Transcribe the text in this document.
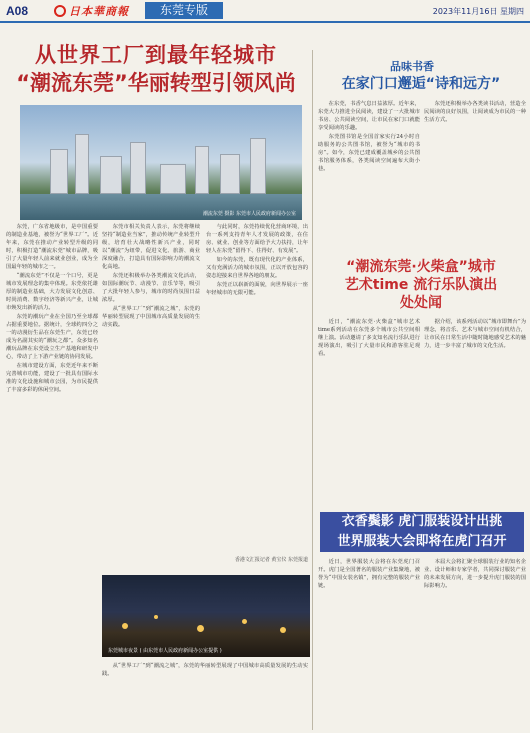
A08	日本華商報	东莞专版	2023年11月16日 星期四
从世界工厂到最年轻城市
“潮流东莞”华丽转型引领风尚
潮流东莞 摄影 东莞市人民政府新闻办公室

东莞，广东省地级市，是中国重要的制造业基地，被誉为“世界工厂”。近年来，东莞在推动产业转型升级的同时，积极打造“潮流东莞”城市品牌，吸引了大量年轻人前来就业创业，成为全国最年轻的城市之一。

“潮流东莞”不仅是一个口号，更是城市发展理念的集中体现。东莞依托雄厚的制造业基础，大力发展文化创意、时尚消费、数字经济等新兴产业，让城市焕发出新的活力。

东莞的潮玩产业在全国乃至全球都占据重要地位。据统计，全球约四分之一的动漫衍生品在东莞生产，东莞已经成为名副其实的“潮玩之都”。众多知名潮玩品牌在东莞设立生产基地和研发中心，带动了上下游产业链的协同发展。

在城市建设方面，东莞近年来不断完善城市功能，建设了一批具有国际水准的文化设施和城市公园，为市民提供了丰富多彩的休闲空间。

东莞市相关负责人表示，东莞将继续坚持“制造业当家”，推动传统产业转型升级，培育壮大战略性新兴产业，同时以“潮流”为纽带，促进文化、旅游、商业深度融合，打造具有国际影响力的潮流文化高地。

东莞还积极举办各类潮流文化活动，如国际潮玩节、动漫节、音乐节等，吸引了大批年轻人参与，城市的时尚氛围日益浓厚。

从“世界工厂”到“潮流之城”，东莞的华丽转型展现了中国城市高质量发展的生动实践。

与此同时，东莞持续优化营商环境，出台一系列支持青年人才发展的政策，在住房、就业、创业等方面给予大力扶持，让年轻人在东莞“留得下、住得好、有发展”。

如今的东莞，既有现代化的产业体系，又有充满活力的城市氛围，正以开放包容的姿态迎接来自世界各地的朋友。

东莞正以崭新的面貌，向世界展示一座年轻城市的无限可能。

香港文汇报记者 黄宝仪 东莞报道
东莞城市夜景 ( 由东莞市人民政府新闻办公室提供 )

从“世界工厂”到“潮流之城”，东莞的华丽转型展现了中国城市高质量发展的生动实践。

品味书香
在家门口邂逅“诗和远方”

在东莞，书香气息日益浓厚。近年来，东莞大力推进全民阅读，建设了一大批城市书房、公共阅读空间，让市民在家门口就能享受阅读的乐趣。

东莞图书馆是全国首家实行24小时自助服务的公共图书馆，被誉为“城市的书房”。如今，东莞已建成覆盖城乡的公共图书馆服务体系，各类阅读空间遍布大街小巷。

东莞还积极举办各类读书活动，营造全民阅读的良好氛围，让阅读成为市民的一种生活方式。

“潮流东莞·火柴盒”城市
艺术time 流行乐队演出
处处闻

近日，“潮流东莞·火柴盒”城市艺术time系列活动在东莞多个城市公共空间相继上演。活动邀请了多支知名流行乐队进行现场演出，吸引了大量市民和游客驻足观看。

据介绍，该系列活动以“城市即舞台”为理念，将音乐、艺术与城市空间有机结合，让市民在日常生活中随时随地感受艺术的魅力，进一步丰富了城市的文化生活。

衣香鬓影 虎门服装设计出挑
世界服装大会即将在虎门召开

近日，世界服装大会将在东莞虎门召开。虎门是全国著名的服装产业集聚地，被誉为“中国女装名镇”，拥有完整的服装产业链。

本届大会将汇聚全球服装行业的知名企业、设计师和专家学者，共同探讨服装产业的未来发展方向，进一步提升虎门服装的国际影响力。
